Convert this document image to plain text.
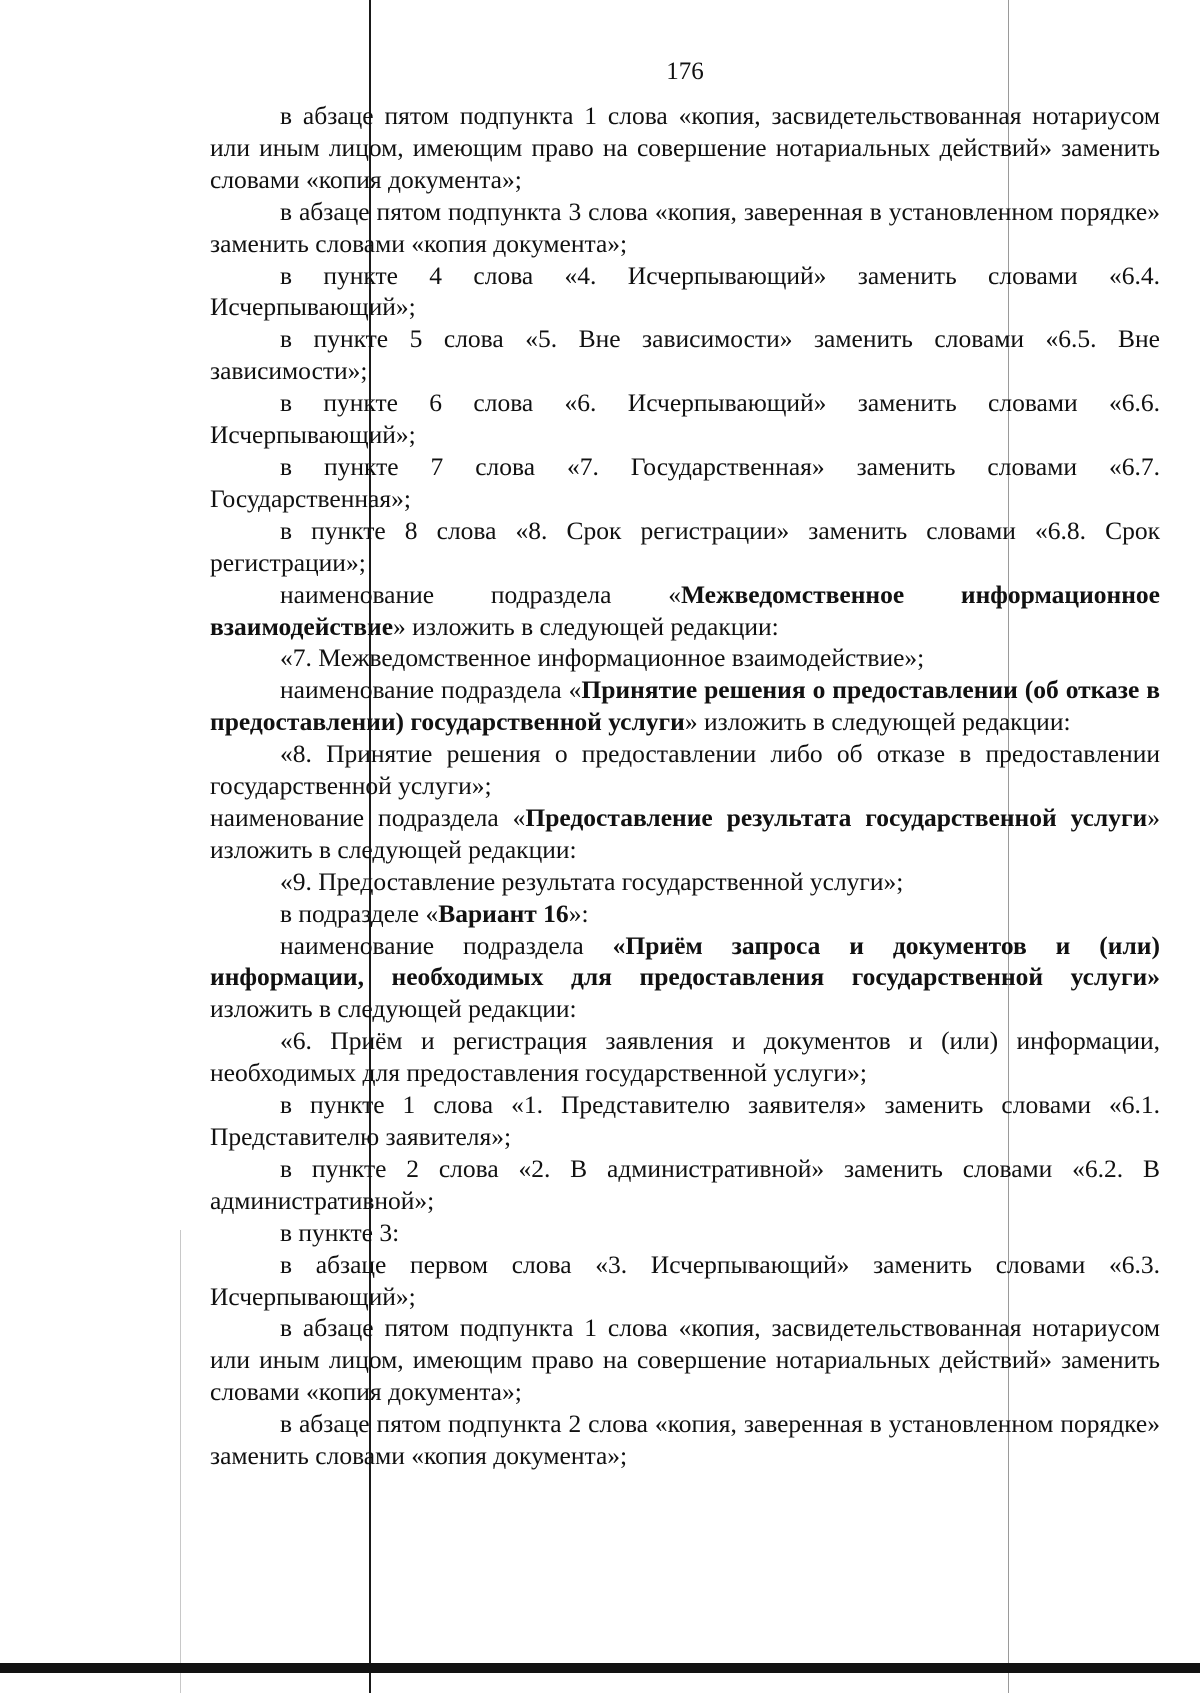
176

в абзаце пятом подпункта 1 слова «копия, засвидетельствованная нотариусом или иным лицом, имеющим право на совершение нотариальных действий» заменить словами «копия документа»;

в абзаце пятом подпункта 3 слова «копия, заверенная в установленном порядке» заменить словами «копия документа»;

в пункте 4 слова «4. Исчерпывающий» заменить словами «6.4. Исчерпывающий»;

в пункте 5 слова «5. Вне зависимости» заменить словами «6.5. Вне зависимости»;

в пункте 6 слова «6. Исчерпывающий» заменить словами «6.6. Исчерпывающий»;

в пункте 7 слова «7. Государственная» заменить словами «6.7. Государственная»;

в пункте 8 слова «8. Срок регистрации» заменить словами «6.8. Срок регистрации»;

наименование подраздела «Межведомственное информационное взаимодействие» изложить в следующей редакции:

«7. Межведомственное информационное взаимодействие»;

наименование подраздела «Принятие решения о предоставлении (об отказе в предоставлении) государственной услуги» изложить в следующей редакции:

«8. Принятие решения о предоставлении либо об отказе в предоставлении государственной услуги»;

наименование подраздела «Предоставление результата государственной услуги» изложить в следующей редакции:

«9. Предоставление результата государственной услуги»;

в подразделе «Вариант 16»:

наименование подраздела «Приём запроса и документов и (или) информации, необходимых для предоставления государственной услуги» изложить в следующей редакции:

«6. Приём и регистрация заявления и документов и (или) информации, необходимых для предоставления государственной услуги»;

в пункте 1 слова «1. Представителю заявителя» заменить словами «6.1. Представителю заявителя»;

в пункте 2 слова «2. В административной» заменить словами «6.2. В административной»;

в пункте 3:

в абзаце первом слова «3. Исчерпывающий» заменить словами «6.3. Исчерпывающий»;

в абзаце пятом подпункта 1 слова «копия, засвидетельствованная нотариусом или иным лицом, имеющим право на совершение нотариальных действий» заменить словами «копия документа»;

в абзаце пятом подпункта 2 слова «копия, заверенная в установленном порядке» заменить словами «копия документа»;
